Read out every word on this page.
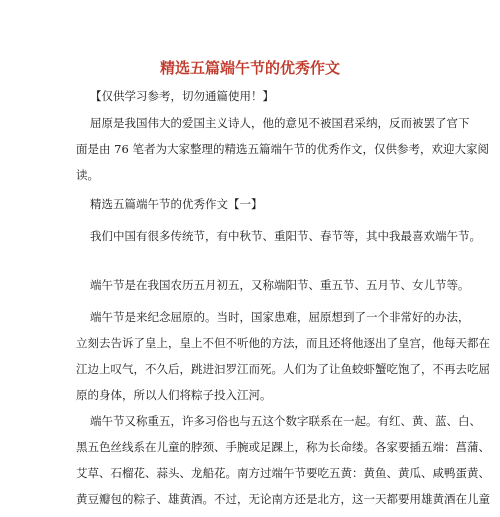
精选五篇端午节的优秀作文

【仅供学习参考，切勿通篇使用！】

屈原是我国伟大的爱国主义诗人，他的意见不被国君采纳，反而被罢了官下
面是由 76 笔者为大家整理的精选五篇端午节的优秀作文，仅供参考，欢迎大家阅
读。

精选五篇端午节的优秀作文【一】

我们中国有很多传统节，有中秋节、重阳节、春节等，其中我最喜欢端午节。

端午节是在我国农历五月初五，又称端阳节、重五节、五月节、女儿节等。

端午节是来纪念屈原的。当时，国家患难，屈原想到了一个非常好的办法，
立刻去告诉了皇上，皇上不但不听他的方法，而且还将他逐出了皇宫，他每天都在
江边上叹气，不久后，跳进汩罗江而死。人们为了让鱼蛟虾蟹吃饱了，不再去吃屈
原的身体，所以人们将粽子投入江河。
端午节又称重五，许多习俗也与五这个数字联系在一起。有红、黄、蓝、白、
黑五色丝线系在儿童的脖颈、手腕或足踝上，称为长命缕。各家要插五端：菖蒲、
艾草、石榴花、蒜头、龙船花。南方过端午节要吃五黄：黄鱼、黄瓜、咸鸭蛋黄、
黄豆瓣包的粽子、雄黄酒。不过，无论南方还是北方，这一天都要用雄黄酒在儿童
